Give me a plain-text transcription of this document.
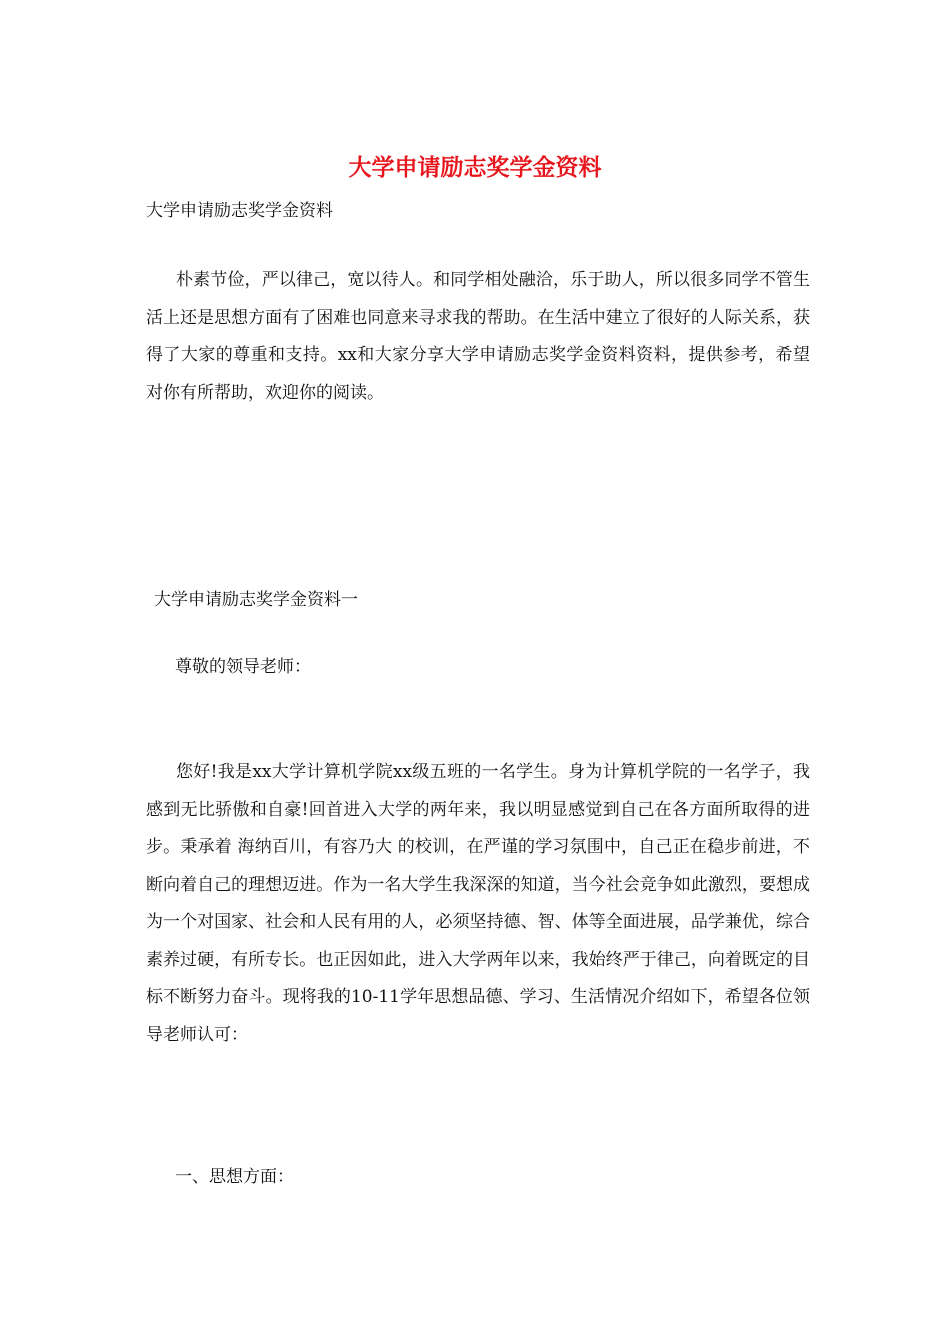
大学申请励志奖学金资料
大学申请励志奖学金资料
朴素节俭，严以律己，宽以待人。和同学相处融洽，乐于助人，所以很多同学不管生活上还是思想方面有了困难也同意来寻求我的帮助。在生活中建立了很好的人际关系，获得了大家的尊重和支持。xx和大家分享大学申请励志奖学金资料资料，提供参考，希望对你有所帮助，欢迎你的阅读。
大学申请励志奖学金资料一
尊敬的领导老师：
您好!我是xx大学计算机学院xx级五班的一名学生。身为计算机学院的一名学子，我感到无比骄傲和自豪!回首进入大学的两年来，我以明显感觉到自己在各方面所取得的进步。秉承着 海纳百川，有容乃大 的校训，在严谨的学习氛围中，自己正在稳步前进，不断向着自己的理想迈进。作为一名大学生我深深的知道，当今社会竞争如此激烈，要想成为一个对国家、社会和人民有用的人，必须坚持德、智、体等全面进展，品学兼优，综合素养过硬，有所专长。也正因如此，进入大学两年以来，我始终严于律己，向着既定的目标不断努力奋斗。现将我的10-11学年思想品德、学习、生活情况介绍如下，希望各位领导老师认可：
一、思想方面：
